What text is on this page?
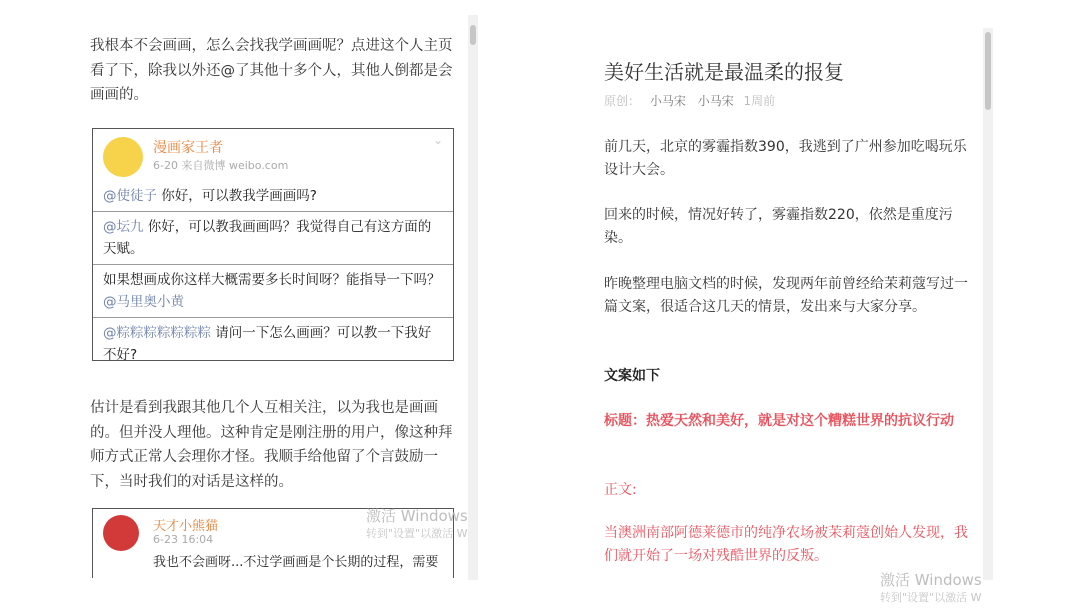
我根本不会画画，怎么会找我学画画呢？点进这个人主页看了下，除我以外还@了其他十多个人，其他人倒都是会画画的。
漫画家王者
6-20 来自微博 weibo.com
⌄
@使徒子 你好，可以教我学画画吗?
@坛九 你好，可以教我画画吗？我觉得自己有这方面的天赋。
如果想画成你这样大概需要多长时间呀？能指导一下吗？@马里奥小黄
@粽粽粽粽粽粽粽 请问一下怎么画画？可以教一下我好不好?
估计是看到我跟其他几个人互相关注，以为我也是画画的。但并没人理他。这种肯定是刚注册的用户，像这种拜师方式正常人会理你才怪。我顺手给他留了个言鼓励一下，当时我们的对话是这样的。
天才小熊猫
6-23 16:04
我也不会画呀...不过学画画是个长期的过程，需要
激活 Windows
转到"设置"以激活 W
美好生活就是最温柔的报复
原创： 小马宋 小马宋 1周前
前几天，北京的雾霾指数390，我逃到了广州参加吃喝玩乐设计大会。
回来的时候，情况好转了，雾霾指数220，依然是重度污染。
昨晚整理电脑文档的时候，发现两年前曾经给茉莉蔻写过一篇文案，很适合这几天的情景，发出来与大家分享。
文案如下
标题：热爱天然和美好，就是对这个糟糕世界的抗议行动
正文:
当澳洲南部阿德莱德市的纯净农场被茉莉蔻创始人发现，我们就开始了一场对残酷世界的反叛。
激活 Windows
转到"设置"以激活 W
